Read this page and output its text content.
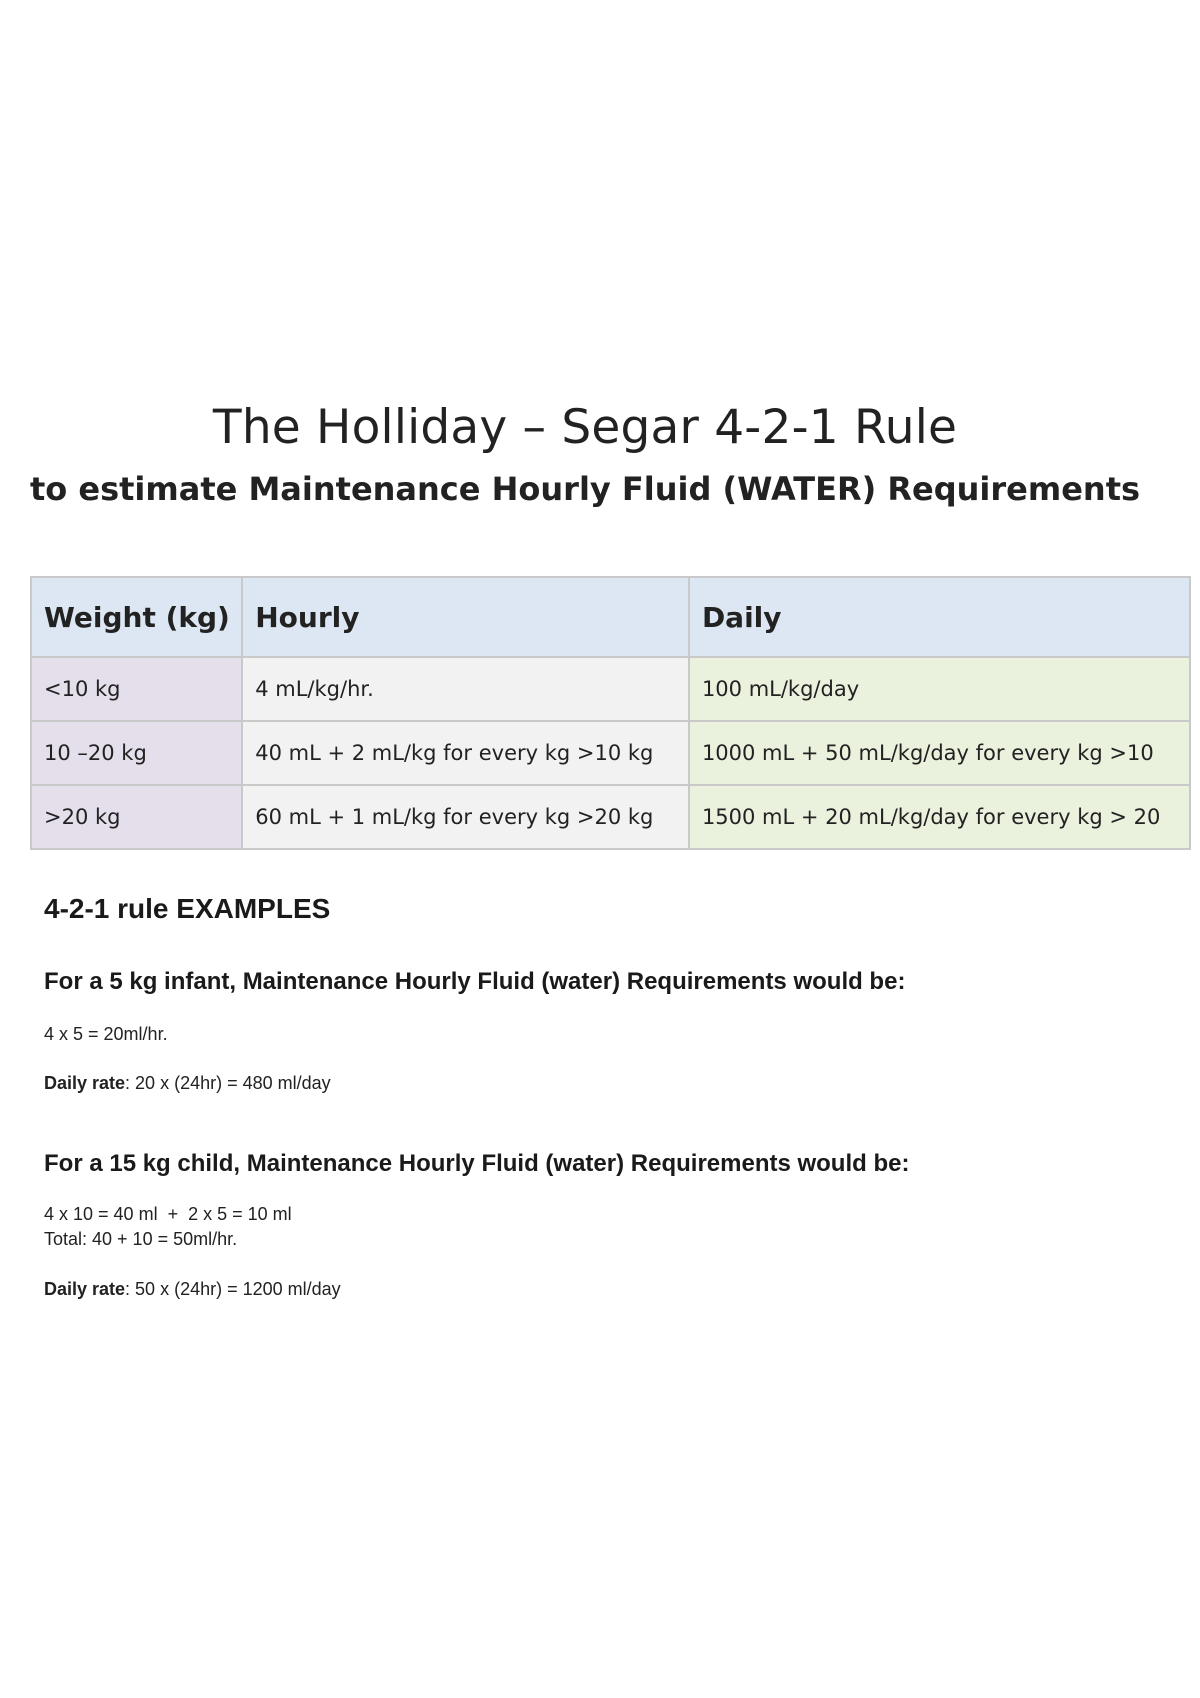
The Holliday – Segar 4-2-1 Rule
to estimate Maintenance Hourly Fluid (WATER) Requirements
Weight (kg)	Hourly	Daily
<10 kg	4 mL/kg/hr.	100 mL/kg/day
10 –20 kg	40 mL + 2 mL/kg for every kg >10 kg	1000 mL + 50 mL/kg/day for every kg >10
>20 kg	60 mL + 1 mL/kg for every kg >20 kg	1500 mL + 20 mL/kg/day for every kg > 20
4-2-1 rule EXAMPLES

For a 5 kg infant, Maintenance Hourly Fluid (water) Requirements would be:

4 x 5 = 20ml/hr.

Daily rate: 20 x (24hr) = 480 ml/day

For a 15 kg child, Maintenance Hourly Fluid (water) Requirements would be:

4 x 10 = 40 ml  +  2 x 5 = 10 ml

Total: 40 + 10 = 50ml/hr.

Daily rate: 50 x (24hr) = 1200 ml/day
